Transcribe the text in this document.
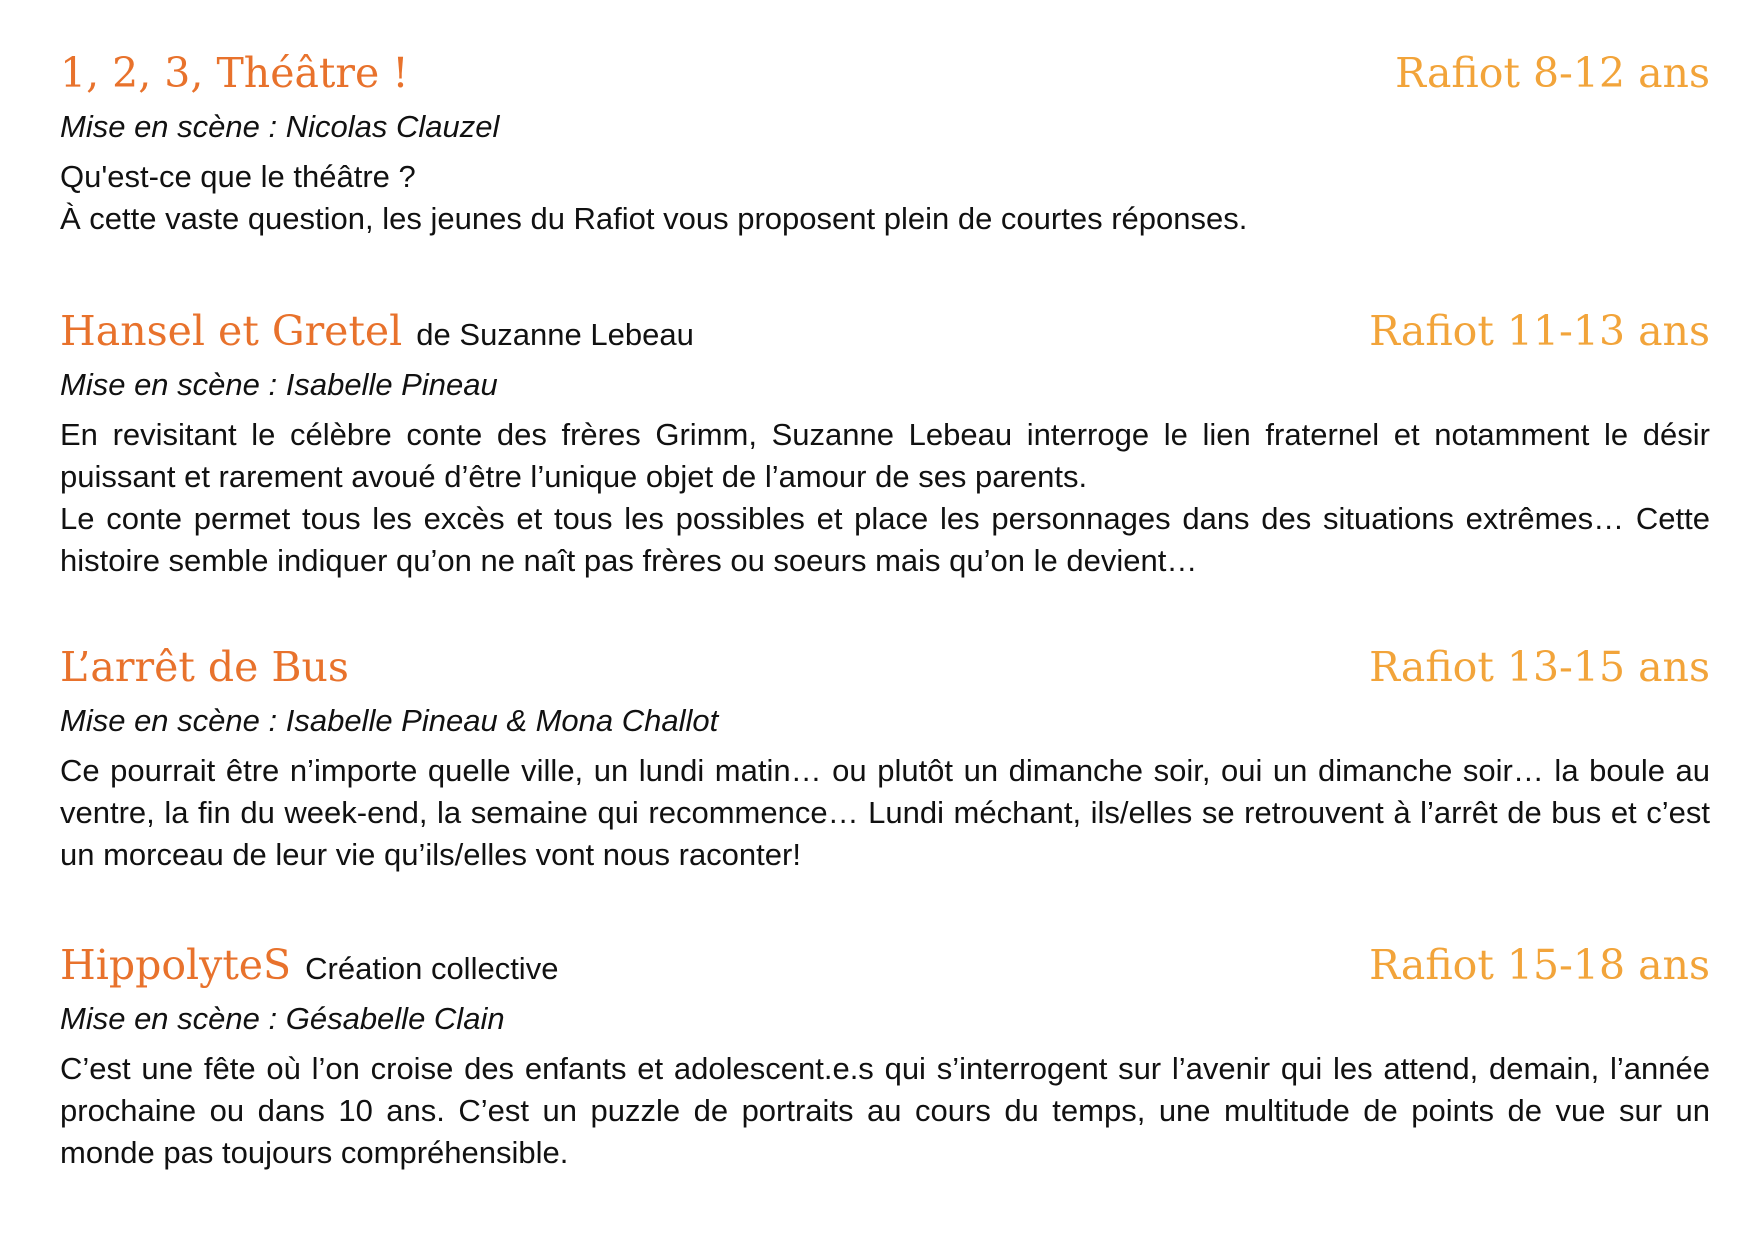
1, 2, 3, Théâtre !	Rafiot 8-12 ans
Mise en scène : Nicolas Clauzel

Qu'est-ce que le théâtre ?

À cette vaste question, les jeunes du Rafiot vous proposent plein de courtes réponses.

Hansel et Gretel de Suzanne Lebeau	Rafiot 11-13 ans
Mise en scène : Isabelle Pineau

En revisitant le célèbre conte des frères Grimm, Suzanne Lebeau interroge le lien fraternel et notamment le désir puissant et rarement avoué d’être l’unique objet de l’amour de ses parents.

Le conte permet tous les excès et tous les possibles et place les personnages dans des situations extrêmes… Cette histoire semble indiquer qu’on ne naît pas frères ou soeurs mais qu’on le devient…

L’arrêt de Bus	Rafiot 13-15 ans
Mise en scène : Isabelle Pineau & Mona Challot

Ce pourrait être n’importe quelle ville, un lundi matin… ou plutôt un dimanche soir, oui un dimanche soir… la boule au ventre, la fin du week-end, la semaine qui recommence… Lundi méchant, ils/elles se retrouvent à l’arrêt de bus et c’est un morceau de leur vie qu’ils/elles vont nous raconter!

HippolyteS Création collective	Rafiot 15-18 ans
Mise en scène : Gésabelle Clain

C’est une fête où l’on croise des enfants et adolescent.e.s qui s’interrogent sur l’avenir qui les attend, demain, l’année prochaine ou dans 10 ans. C’est un puzzle de portraits au cours du temps, une multitude de points de vue sur un monde pas toujours compréhensible.
